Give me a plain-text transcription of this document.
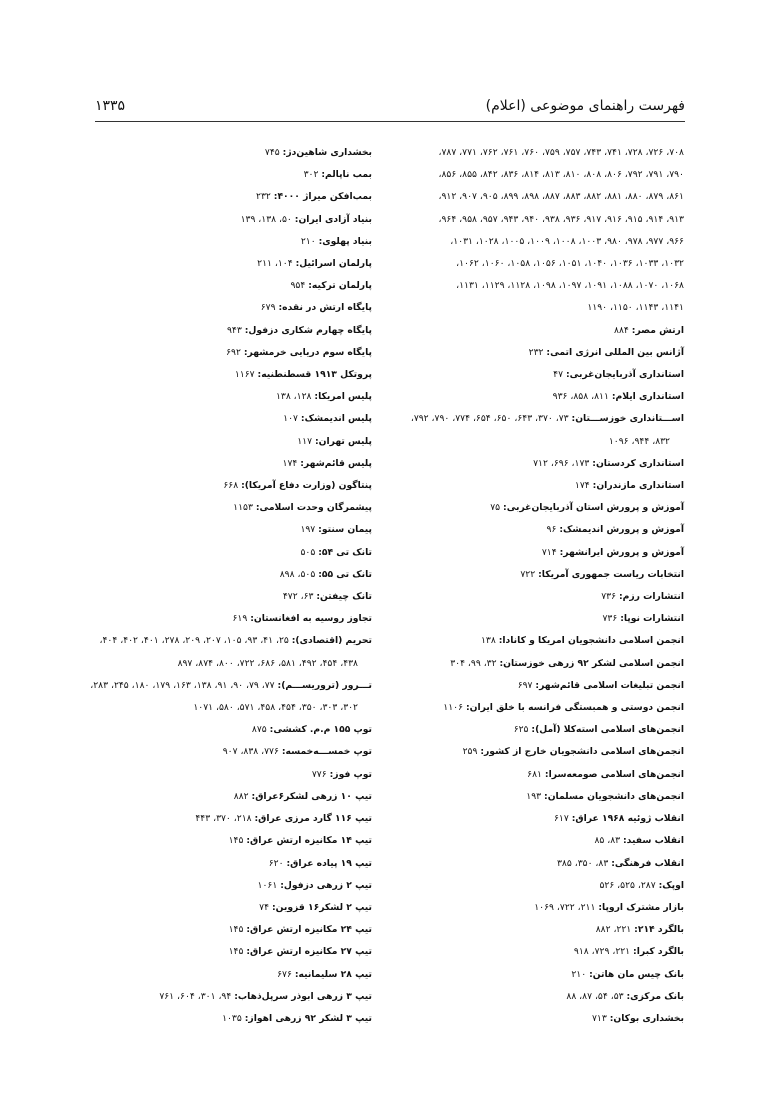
فهرست راهنمای موضوعی (اعلام)
۱۳۳۵
۷۰۸، ۷۲۶، ۷۲۸، ۷۴۱، ۷۴۳، ۷۵۷، ۷۵۹، ۷۶۰، ۷۶۱، ۷۶۲، ۷۷۱، ۷۸۷،
۷۹۰، ۷۹۱، ۷۹۲، ۸۰۶، ۸۰۸، ۸۱۰، ۸۱۳، ۸۱۴، ۸۳۶، ۸۴۲، ۸۵۵، ۸۵۶،
۸۶۱، ۸۷۹، ۸۸۰، ۸۸۱، ۸۸۲، ۸۸۳، ۸۸۷، ۸۹۸، ۸۹۹، ۹۰۵، ۹۰۷، ۹۱۲،
۹۱۳، ۹۱۴، ۹۱۵، ۹۱۶، ۹۱۷، ۹۳۶، ۹۳۸، ۹۴۰، ۹۴۳، ۹۵۷، ۹۵۸، ۹۶۴،
۹۶۶، ۹۷۷، ۹۷۸، ۹۸۰، ۱۰۰۳، ۱۰۰۸، ۱۰۰۹، ۱۰۰۵، ۱۰۲۸، ۱۰۳۱،
۱۰۳۲، ۱۰۳۳، ۱۰۳۶، ۱۰۴۰، ۱۰۵۱، ۱۰۵۶، ۱۰۵۸، ۱۰۶۰، ۱۰۶۲،
۱۰۶۸، ۱۰۷۰، ۱۰۸۸، ۱۰۹۱، ۱۰۹۷، ۱۰۹۸، ۱۱۲۸، ۱۱۲۹، ۱۱۳۱،
۱۱۴۱، ۱۱۴۳، ۱۱۵۰، ۱۱۹۰
ارتش مصر: ۸۸۴
آژانس بین المللی انرژی اتمی: ۲۳۲
استانداری آذربایجان‌غربی: ۴۷
استانداری ایلام: ۸۱۱، ۸۵۸، ۹۳۶
اســـتانداری خوزســـتان: ۷۳، ۳۷۰، ۶۴۳، ۶۵۰، ۶۵۴، ۷۷۴، ۷۹۰، ۷۹۲،
۸۳۲، ۹۴۴، ۱۰۹۶
استانداری کردستان: ۱۷۳، ۶۹۶، ۷۱۲
استانداری مازندران: ۱۷۴
آموزش و پرورش استان آذربایجان‌غربی: ۷۵
آموزش و پرورش اندیمشک: ۹۶
آموزش و پرورش ایرانشهر: ۷۱۴
انتخابات ریاست جمهوری آمریکا: ۷۲۲
انتشارات رزم: ۷۳۶
انتشارات نوپا: ۷۳۶
انجمن اسلامی دانشجویان امریکا و کانادا: ۱۳۸
انجمن اسلامی لشکر ۹۲ زرهی خوزستان: ۳۲، ۹۹، ۳۰۴
انجمن تبلیغات اسلامی قائم‌شهر: ۶۹۷
انجمن دوستی و همبستگی فرانسه با خلق ایران: ۱۱۰۶
انجمن‌های اسلامی استه‌کلا (آمل): ۶۲۵
انجمن‌های اسلامی دانشجویان خارج از کشور: ۲۵۹
انجمن‌های اسلامی صومعه‌سرا: ۶۸۱
انجمن‌های دانشجویان مسلمان: ۱۹۳
انقلاب ژوئیه ۱۹۶۸ عراق: ۶۱۷
انقلاب سفید: ۸۳، ۸۵
انقلاب فرهنگی: ۸۳، ۳۵۰، ۳۸۵
اوپک: ۲۸۷، ۵۲۵، ۵۲۶
بازار مشترک اروپا: ۲۱۱، ۷۲۲، ۱۰۶۹
بالگرد ۲۱۴: ۲۲۱، ۸۸۲
بالگرد کبرا: ۲۲۱، ۷۲۹، ۹۱۸
بانک چیس مان هاتن: ۲۱۰
بانک مرکزی: ۵۳، ۵۴، ۸۷، ۸۸
بخشداری بوکان: ۷۱۳
بخشداری شاهین‌دژ: ۷۴۵
بمب ناپالم: ۳۰۲
بمب‌افکن میراژ ۴۰۰۰: ۲۳۲
بنیاد آزادی ایران: ۵۰، ۱۳۸، ۱۳۹
بنیاد پهلوی: ۲۱۰
پارلمان اسرائیل: ۱۰۴، ۲۱۱
پارلمان ترکیه: ۹۵۴
پایگاه ارتش در نقده: ۶۷۹
پایگاه چهارم شکاری دزفول: ۹۴۳
پایگاه سوم دریایی خرمشهر: ۶۹۲
پروتکل ۱۹۱۳ قسطنطنیه: ۱۱۶۷
پلیس امریکا: ۱۲۸، ۱۳۸
پلیس اندیمشک: ۱۰۷
پلیس تهران: ۱۱۷
پلیس قائم‌شهر: ۱۷۴
پنتاگون (وزارت دفاع آمریکا): ۶۶۸
پیشمرگان وحدت اسلامی: ۱۱۵۳
پیمان سنتو: ۱۹۷
تانک تی ۵۴: ۵۰۵
تانک تی ۵۵: ۵۰۵، ۸۹۸
تانک چیفتن: ۶۳، ۴۷۲
تجاوز روسیه به افغانستان: ۶۱۹
تحریم (اقتصادی): ۲۵، ۴۱، ۹۳، ۱۰۵، ۲۰۷، ۲۰۹، ۲۷۸، ۴۰۱، ۴۰۲، ۴۰۴،
۴۳۸، ۴۵۴، ۴۹۲، ۵۸۱، ۶۸۶، ۷۲۲، ۸۰۰، ۸۷۴، ۸۹۷
تـــرور (تروریســـم): ۷۷، ۷۹، ۹۰، ۹۱، ۱۳۸، ۱۶۳، ۱۷۹، ۱۸۰، ۲۴۵، ۲۸۳،
۳۰۲، ۳۰۳، ۳۵۰، ۴۵۴، ۴۵۸، ۵۷۱، ۵۸۰، ۱۰۷۱
توپ ۱۵۵ م.م. کششی: ۸۷۵
توپ خمســـه‌خمسه: ۷۷۶، ۸۳۸، ۹۰۷
توپ فوز: ۷۷۶
تیپ ۱۰ زرهی لشکر۶عراق: ۸۸۲
تیپ ۱۱۶ گارد مرزی عراق: ۲۱۸، ۳۷۰، ۴۴۳
تیپ ۱۴ مکانیزه ارتش عراق: ۱۴۵
تیپ ۱۹ پیاده عراق: ۶۲۰
تیپ ۲ زرهی دزفول: ۱۰۶۱
تیپ ۲ لشکر۱۶ قزوین: ۷۴
تیپ ۲۴ مکانیزه ارتش عراق: ۱۴۵
تیپ ۲۷ مکانیزه ارتش عراق: ۱۴۵
تیپ ۲۸ سلیمانیه: ۶۷۶
تیپ ۳ زرهی ابوذر سرپل‌ذهاب: ۹۴، ۳۰۱، ۶۰۴، ۷۶۱
تیپ ۳ لشکر ۹۲ زرهی اهواز: ۱۰۳۵
